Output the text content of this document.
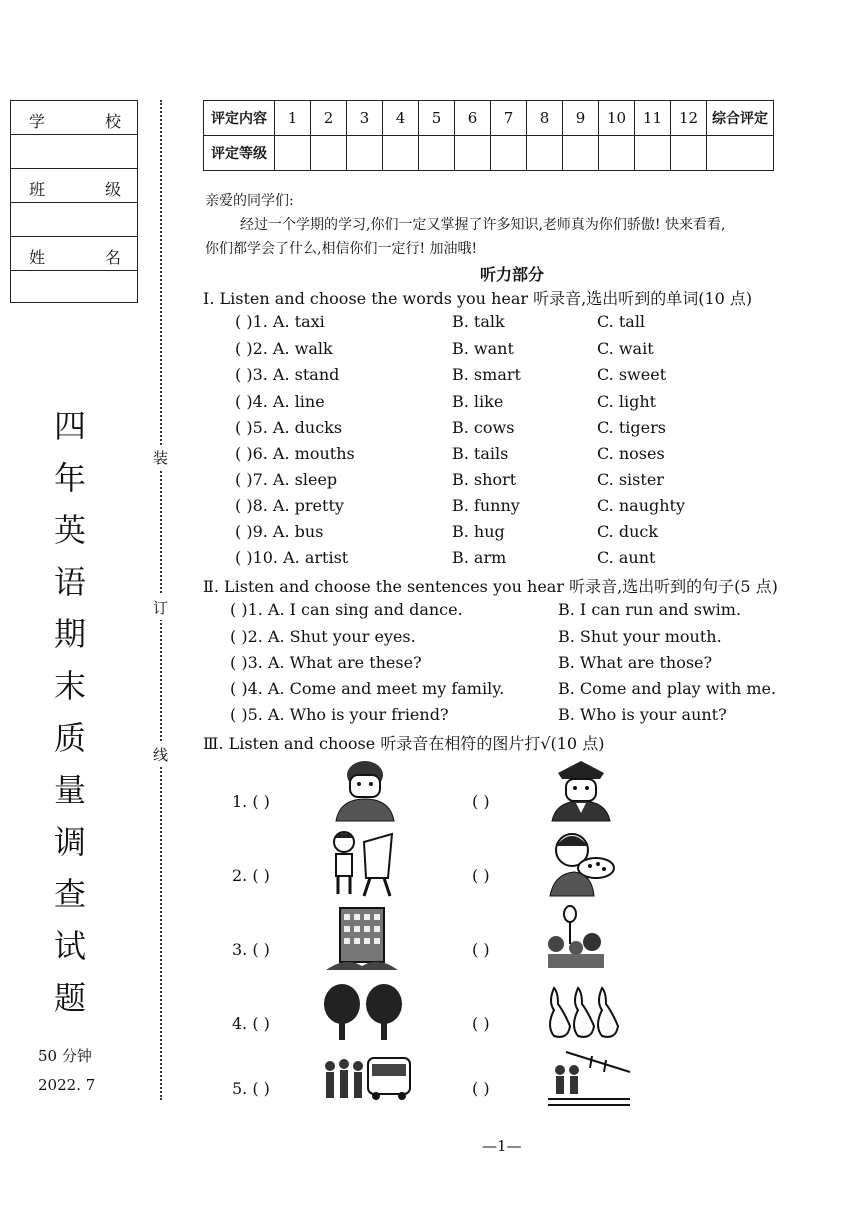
学	校
班	级
姓	名
装
订
线
四
年
英
语
期
末
质
量
调
查
试
题
50 分钟
2022. 7
评定内容	1	2	3	4	5	6	7	8	9	10	11	12	综合评定
评定等级													
亲爱的同学们:
经过一个学期的学习,你们一定又掌握了许多知识,老师真为你们骄傲! 快来看看,
你们都学会了什么,相信你们一定行! 加油哦!
听力部分
Ⅰ. Listen and choose the words you hear 听录音,选出听到的单词(10 点)
( )1. A. taxi	B. talk	C. tall
( )2. A. walk	B. want	C. wait
( )3. A. stand	B. smart	C. sweet
( )4. A. line	B. like	C. light
( )5. A. ducks	B. cows	C. tigers
( )6. A. mouths	B. tails	C. noses
( )7. A. sleep	B. short	C. sister
( )8. A. pretty	B. funny	C. naughty
( )9. A. bus	B. hug	C. duck
( )10. A. artist	B. arm	C. aunt
Ⅱ. Listen and choose the sentences you hear 听录音,选出听到的句子(5 点)
( )1. A. I can sing and dance.	B. I can run and swim.
( )2. A. Shut your eyes.	B. Shut your mouth.
( )3. A. What are these?	B. What are those?
( )4. A. Come and meet my family.	B. Come and play with me.
( )5. A. Who is your friend?	B. Who is your aunt?
Ⅲ. Listen and choose 听录音在相符的图片打√(10 点)
1. ( )	( )
2. ( )	( )
3. ( )	( )
4. ( )	( )
5. ( )	( )
—1—
